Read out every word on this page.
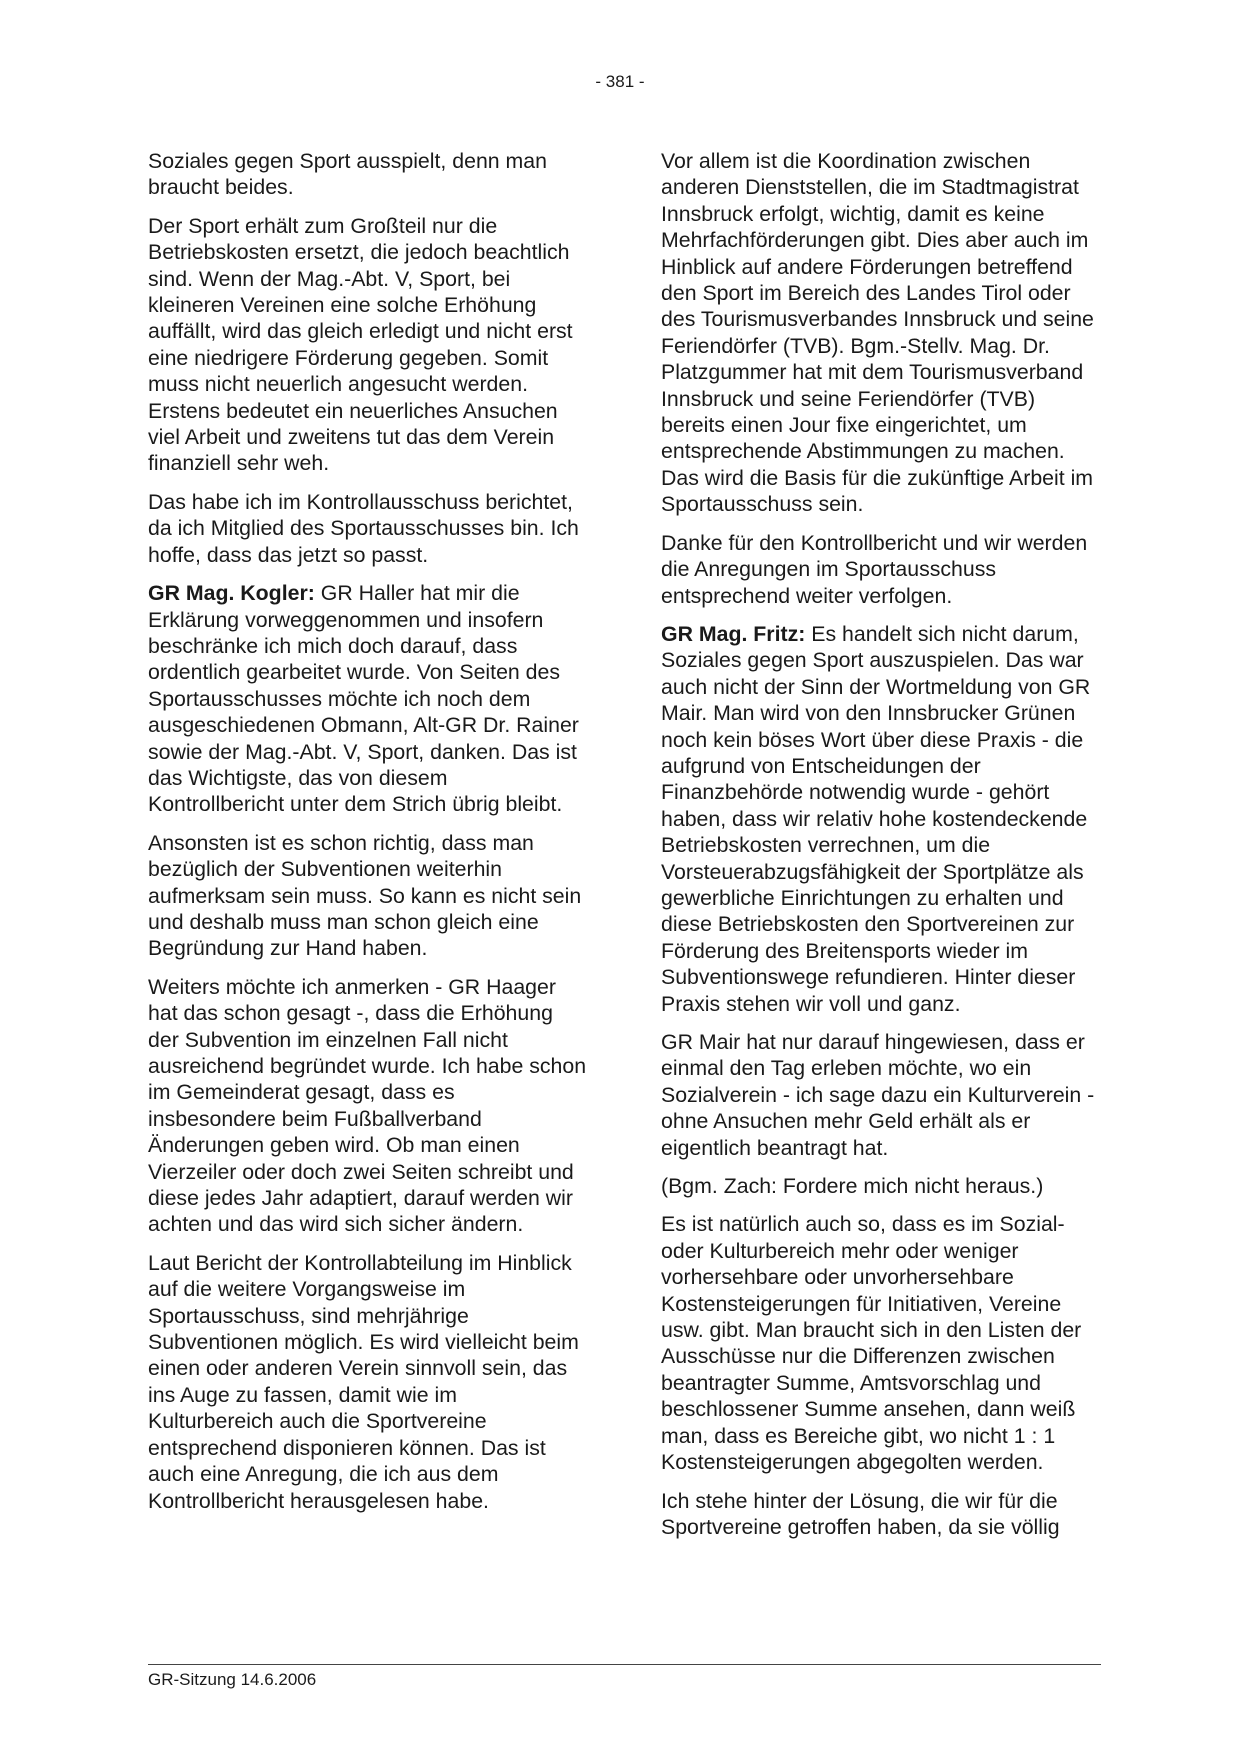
- 381 -

Soziales gegen Sport ausspielt, denn man braucht beides.

Der Sport erhält zum Großteil nur die Betriebskosten ersetzt, die jedoch beachtlich sind. Wenn der Mag.-Abt. V, Sport, bei kleineren Vereinen eine solche Erhöhung auffällt, wird das gleich erledigt und nicht erst eine niedrigere Förderung gegeben. Somit muss nicht neuerlich angesucht werden. Erstens bedeutet ein neuerliches Ansuchen viel Arbeit und zweitens tut das dem Verein finanziell sehr weh.

Das habe ich im Kontrollausschuss berichtet, da ich Mitglied des Sportausschusses bin. Ich hoffe, dass das jetzt so passt.

GR Mag. Kogler: GR Haller hat mir die Erklärung vorweggenommen und insofern beschränke ich mich doch darauf, dass ordentlich gearbeitet wurde. Von Seiten des Sportausschusses möchte ich noch dem ausgeschiedenen Obmann, Alt-GR Dr. Rainer sowie der Mag.-Abt. V, Sport, danken. Das ist das Wichtigste, das von diesem Kontrollbericht unter dem Strich übrig bleibt.

Ansonsten ist es schon richtig, dass man bezüglich der Subventionen weiterhin aufmerksam sein muss. So kann es nicht sein und deshalb muss man schon gleich eine Begründung zur Hand haben.

Weiters möchte ich anmerken - GR Haager hat das schon gesagt -, dass die Erhöhung der Subvention im einzelnen Fall nicht ausreichend begründet wurde. Ich habe schon im Gemeinderat gesagt, dass es insbesondere beim Fußballverband Änderungen geben wird. Ob man einen Vierzeiler oder doch zwei Seiten schreibt und diese jedes Jahr adaptiert, darauf werden wir achten und das wird sich sicher ändern.

Laut Bericht der Kontrollabteilung im Hinblick auf die weitere Vorgangsweise im Sportausschuss, sind mehrjährige Subventionen möglich. Es wird vielleicht beim einen oder anderen Verein sinnvoll sein, das ins Auge zu fassen, damit wie im Kulturbereich auch die Sportvereine entsprechend disponieren können. Das ist auch eine Anregung, die ich aus dem Kontrollbericht herausgelesen habe.

Vor allem ist die Koordination zwischen anderen Dienststellen, die im Stadtmagistrat Innsbruck erfolgt, wichtig, damit es keine Mehrfachförderungen gibt. Dies aber auch im Hinblick auf andere Förderungen betreffend den Sport im Bereich des Landes Tirol oder des Tourismusverbandes Innsbruck und seine Feriendörfer (TVB). Bgm.-Stellv. Mag. Dr. Platzgummer hat mit dem Tourismusverband Innsbruck und seine Feriendörfer (TVB) bereits einen Jour fixe eingerichtet, um entsprechende Abstimmungen zu machen. Das wird die Basis für die zukünftige Arbeit im Sportausschuss sein.

Danke für den Kontrollbericht und wir werden die Anregungen im Sportausschuss entsprechend weiter verfolgen.

GR Mag. Fritz: Es handelt sich nicht darum, Soziales gegen Sport auszuspielen. Das war auch nicht der Sinn der Wortmeldung von GR Mair. Man wird von den Innsbrucker Grünen noch kein böses Wort über diese Praxis - die aufgrund von Entscheidungen der Finanzbehörde notwendig wurde - gehört haben, dass wir relativ hohe kostendeckende Betriebskosten verrechnen, um die Vorsteuerabzugsfähigkeit der Sportplätze als gewerbliche Einrichtungen zu erhalten und diese Betriebskosten den Sportvereinen zur Förderung des Breitensports wieder im Subventionswege refundieren. Hinter dieser Praxis stehen wir voll und ganz.

GR Mair hat nur darauf hingewiesen, dass er einmal den Tag erleben möchte, wo ein Sozialverein - ich sage dazu ein Kulturverein - ohne Ansuchen mehr Geld erhält als er eigentlich beantragt hat.

(Bgm. Zach: Fordere mich nicht heraus.)

Es ist natürlich auch so, dass es im Sozial- oder Kulturbereich mehr oder weniger vorhersehbare oder unvorhersehbare Kostensteigerungen für Initiativen, Vereine usw. gibt. Man braucht sich in den Listen der Ausschüsse nur die Differenzen zwischen beantragter Summe, Amtsvorschlag und beschlossener Summe ansehen, dann weiß man, dass es Bereiche gibt, wo nicht 1 : 1 Kostensteigerungen abgegolten werden.

Ich stehe hinter der Lösung, die wir für die Sportvereine getroffen haben, da sie völlig

GR-Sitzung 14.6.2006
